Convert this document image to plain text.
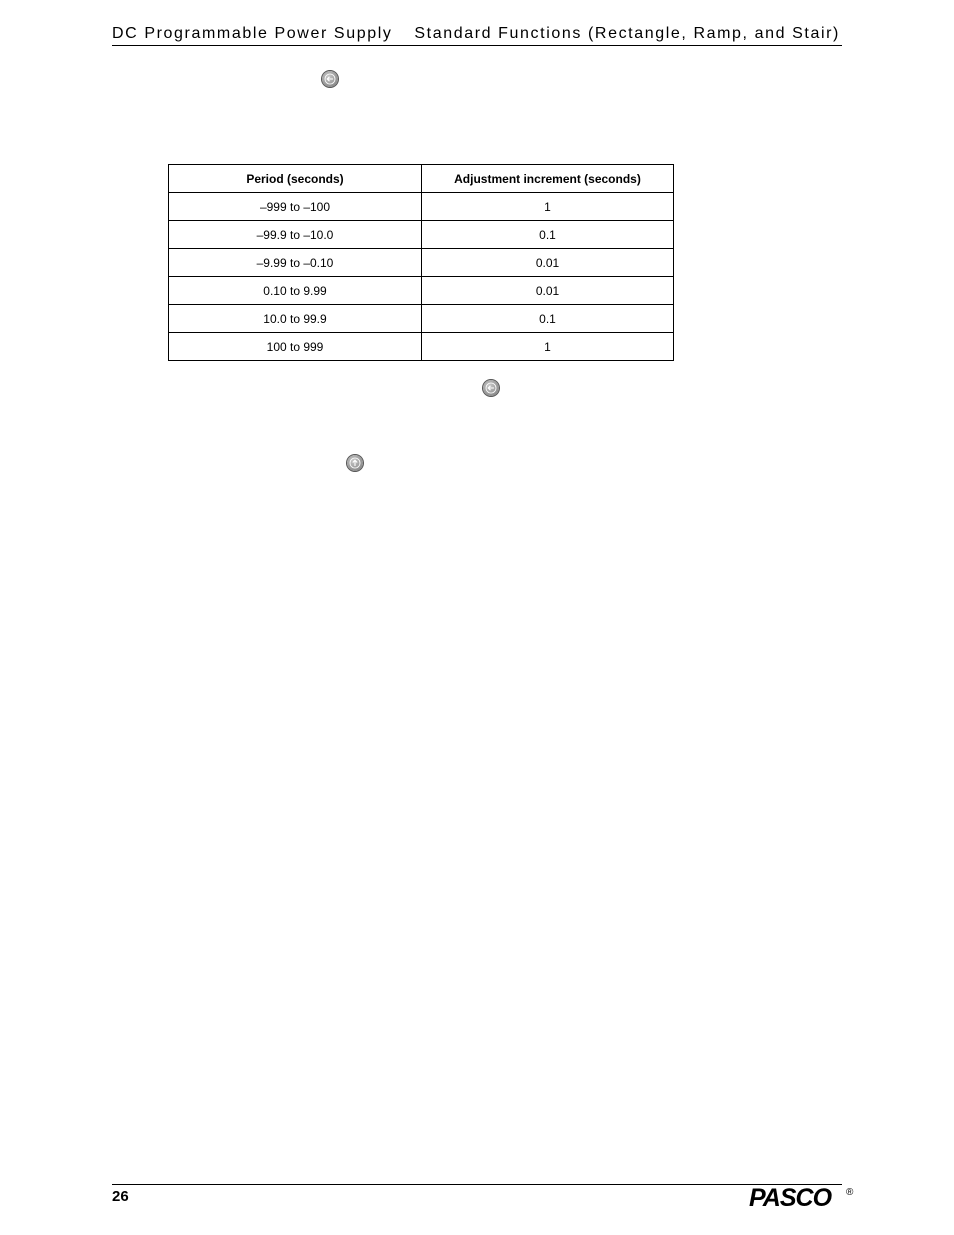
DC Programmable Power Supply Standard Functions (Rectangle, Ramp, and Stair)
Period (seconds)	Adjustment increment (seconds)
–999 to –100	1
–99.9 to –10.0	0.1
–9.99 to –0.10	0.01
0.10 to 9.99	0.01
10.0 to 99.9	0.1
100 to 999	1
26	PASCO ®
